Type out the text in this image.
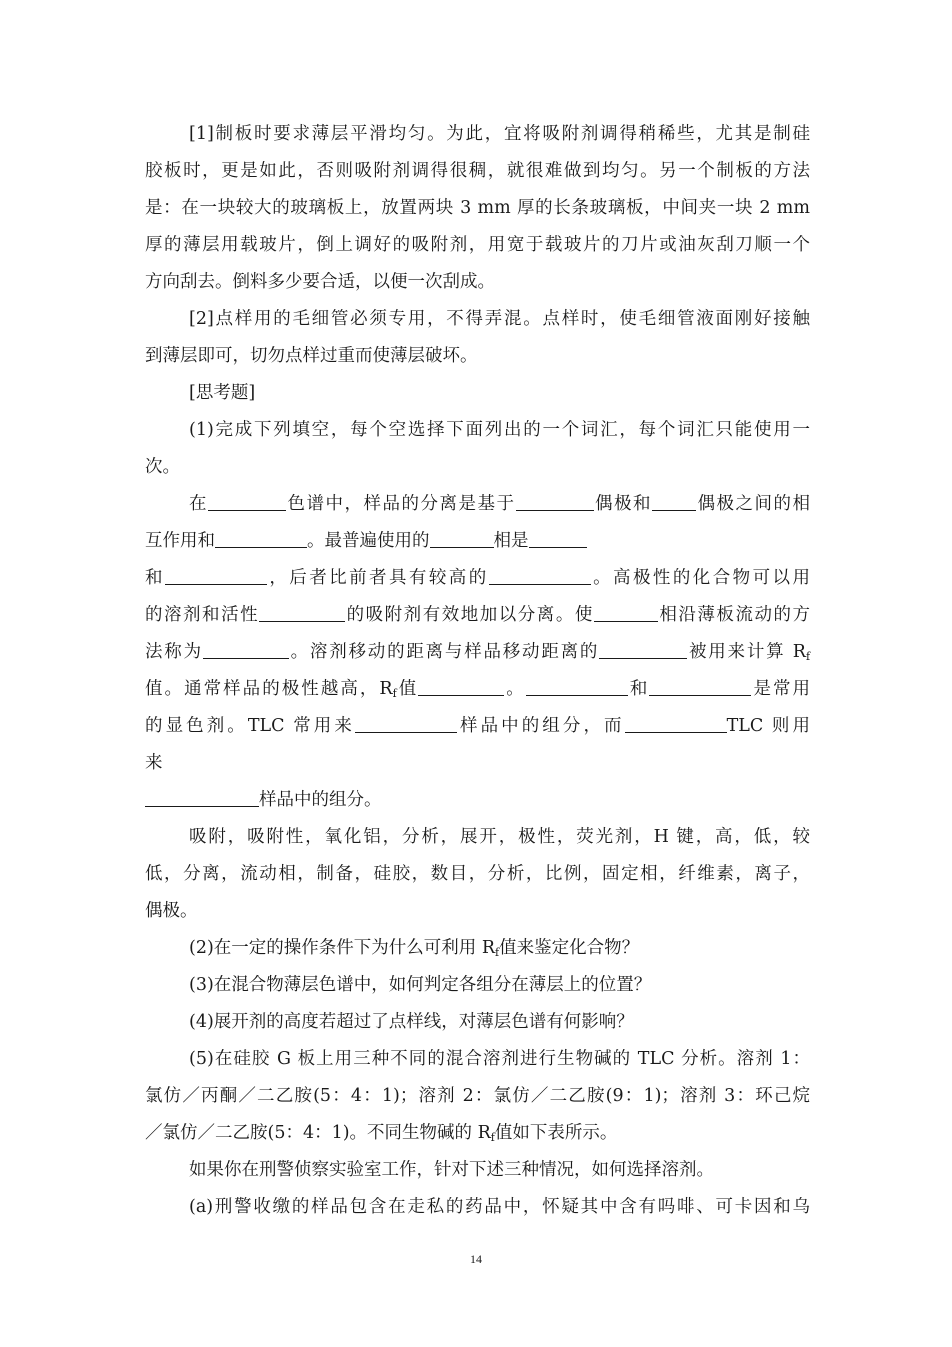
[1]制板时要求薄层平滑均匀。为此，宜将吸附剂调得稍稀些，尤其是制硅
胶板时，更是如此，否则吸附剂调得很稠，就很难做到均匀。另一个制板的方法
是：在一块较大的玻璃板上，放置两块 3 mm 厚的长条玻璃板，中间夹一块 2 mm
厚的薄层用载玻片，倒上调好的吸附剂，用宽于载玻片的刀片或油灰刮刀顺一个
方向刮去。倒料多少要合适，以便一次刮成。
[2]点样用的毛细管必须专用，不得弄混。点样时，使毛细管液面刚好接触
到薄层即可，切勿点样过重而使薄层破坏。
[思考题]
(1)完成下列填空，每个空选择下面列出的一个词汇，每个词汇只能使用一
次。
在	色谱中，样品的分离是基于	偶极和	偶极之间的相
互作用和	。最普遍使用的	相是
和	，后者比前者具有较高的	。高极性的化合物可以用
的溶剂和活性	的吸附剂有效地加以分离。使	相沿薄板流动的方
法称为	。溶剂移动的距离与样品移动距离的	被用来计算 $R_f$
值。通常样品的极性越高，$R_f$值	。	和	是常用
的显色剂。TLC 常用来	样品中的组分，而	TLC 则用
来
样品中的组分。
吸附，吸附性，氧化铝，分析，展开，极性，荧光剂，H 键，高，低，较
低，分离，流动相，制备，硅胶，数目，分析，比例，固定相，纤维素，离子，
偶极。
(2)在一定的操作条件下为什么可利用 $R_f$值来鉴定化合物？
(3)在混合物薄层色谱中，如何判定各组分在薄层上的位置？
(4)展开剂的高度若超过了点样线，对薄层色谱有何影响？
(5)在硅胶 G 板上用三种不同的混合溶剂进行生物碱的 TLC 分析。溶剂 1：
氯仿／丙酮／二乙胺(5：4：1)；溶剂 2：氯仿／二乙胺(9：1)；溶剂 3：环己烷
／氯仿／二乙胺(5：4：1)。不同生物碱的 $R_f$值如下表所示。
如果你在刑警侦察实验室工作，针对下述三种情况，如何选择溶剂。
(a)刑警收缴的样品包含在走私的药品中，怀疑其中含有吗啡、可卡因和乌
14
